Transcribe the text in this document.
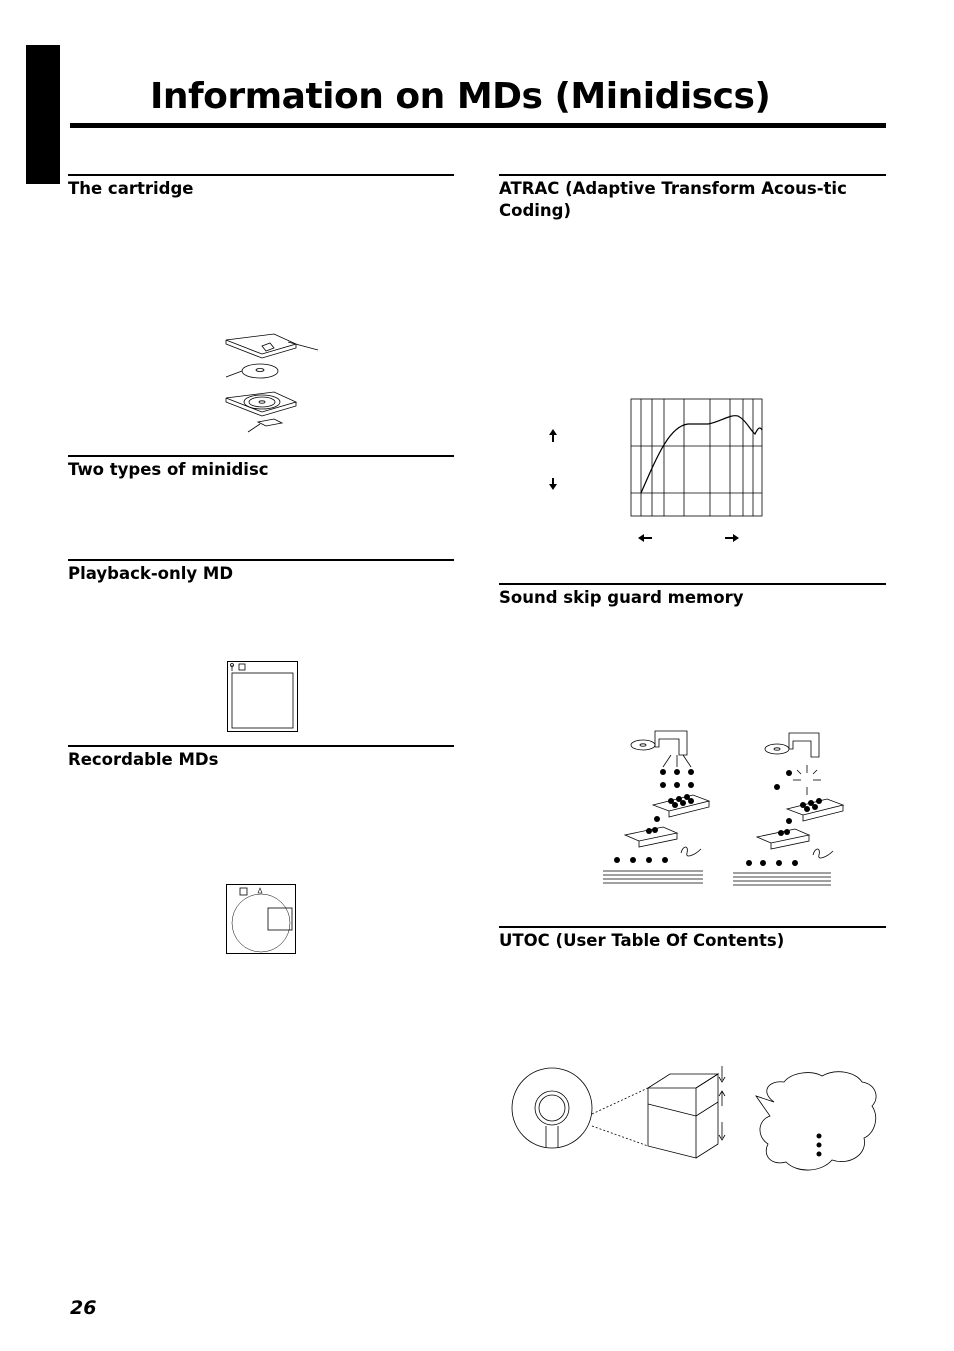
Information on MDs (Minidiscs)
The cartridge
Two types of minidisc
Playback-only MD
Recordable MDs
ATRAC (Adaptive Transform Acous-tic Coding)
Sound skip guard memory
UTOC (User Table Of Contents)
26
